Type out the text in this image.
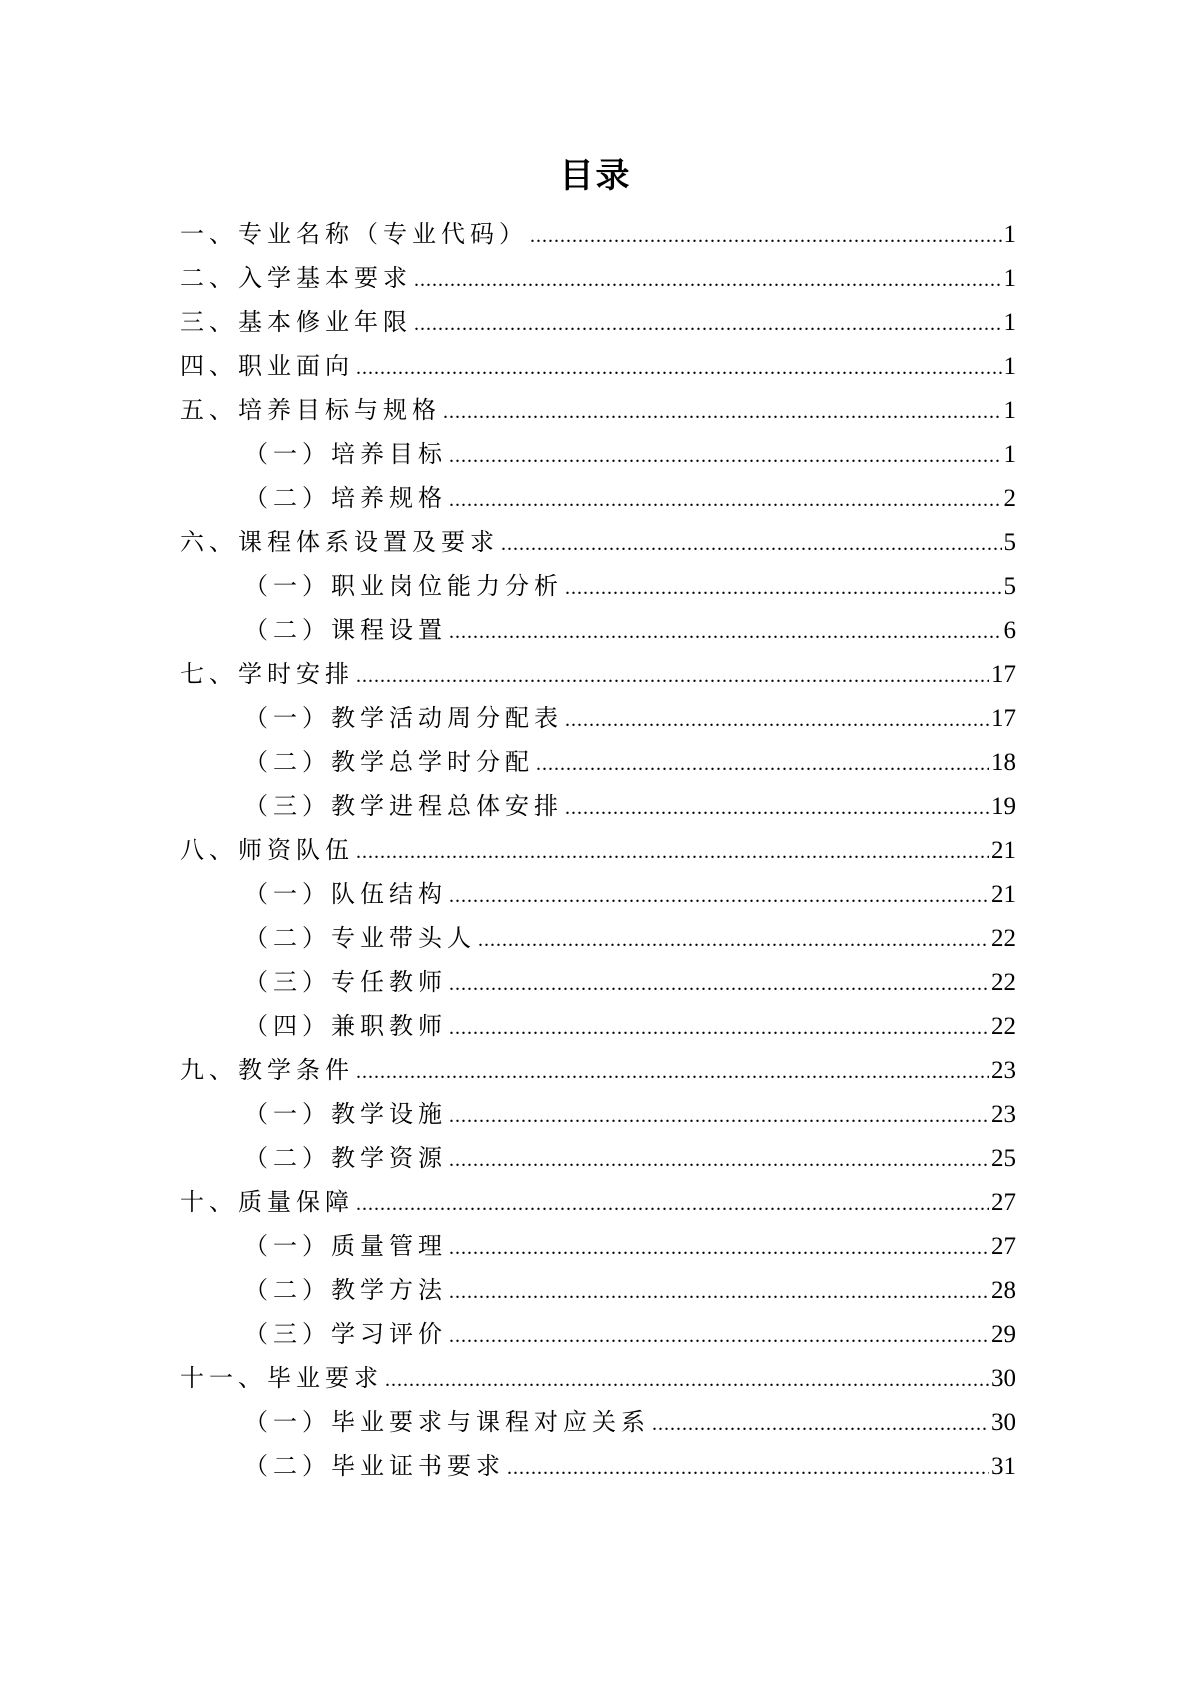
目录
一、专业名称（专业代码） .....	1
二、入学基本要求 .....	1
三、基本修业年限 .....	1
四、职业面向 .....	1
五、培养目标与规格 .....	1
（一）培养目标 .....	1
（二）培养规格 .....	2
六、课程体系设置及要求 .....	5
（一）职业岗位能力分析 .....	5
（二）课程设置 .....	6
七、学时安排 .....	17
（一）教学活动周分配表 .....	17
（二）教学总学时分配 .....	18
（三）教学进程总体安排 .....	19
八、师资队伍 .....	21
（一）队伍结构 .....	21
（二）专业带头人 .....	22
（三）专任教师 .....	22
（四）兼职教师 .....	22
九、教学条件 .....	23
（一）教学设施 .....	23
（二）教学资源 .....	25
十、质量保障 .....	27
（一）质量管理 .....	27
（二）教学方法 .....	28
（三）学习评价 .....	29
十一、毕业要求 .....	30
（一）毕业要求与课程对应关系 .....	30
（二）毕业证书要求 .....	31
